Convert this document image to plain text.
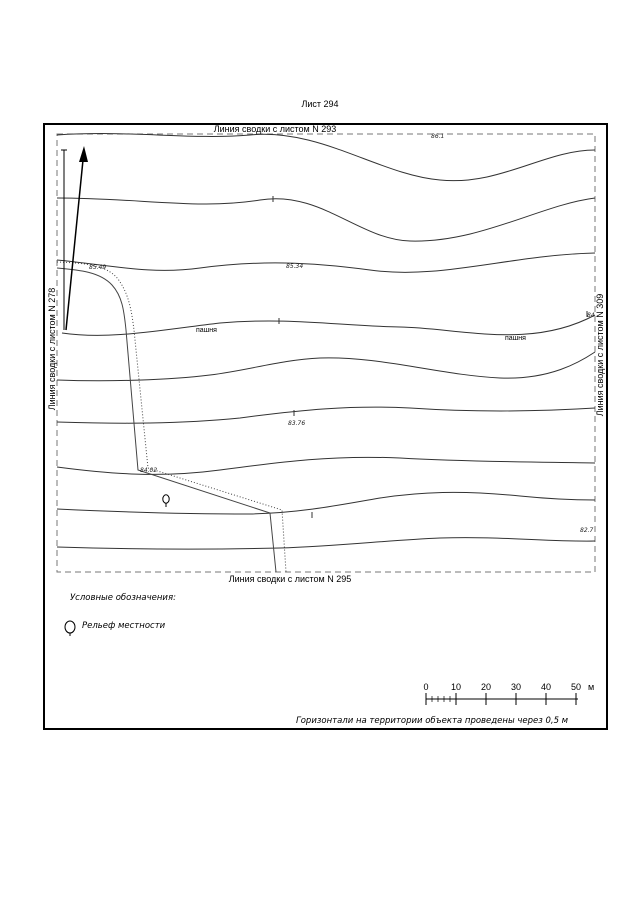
Лист 294
Линия сводки с листом N 293
Линия сводки с листом N 295
Линия сводки с листом N 278	Линия сводки с листом N 309
86.1
85.49	85.34
84
83.76
84.02
82.7
пашня
пашня
Условные обозначения:
Рельеф местности
0	10	20	30	40	50 м
Горизонтали на территории объекта проведены через 0,5 м
